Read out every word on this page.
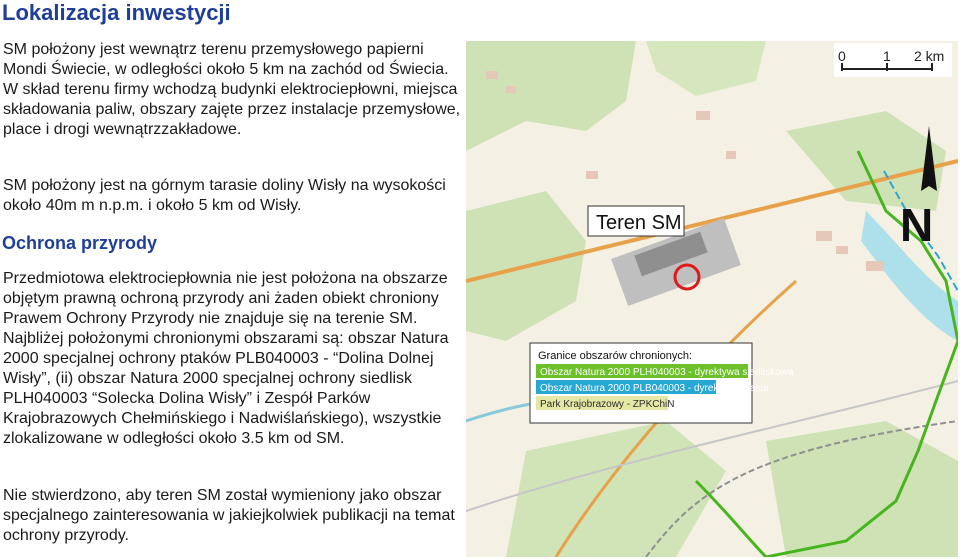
Lokalizacja inwestycji

SM położony jest wewnątrz terenu przemysłowego papierni Mondi Świecie, w odległości około 5 km na zachód od Świecia. W skład terenu firmy wchodzą budynki elektrociepłowni, miejsca składowania paliw, obszary zajęte przez instalacje przemysłowe, place i drogi wewnątrzzakładowe.

SM położony jest na górnym tarasie doliny Wisły na wysokości około 40m m n.p.m. i około 5 km od Wisły.

Ochrona przyrody

Przedmiotowa elektrociepłownia nie jest położona na obszarze objętym prawną ochroną przyrody ani żaden obiekt chroniony Prawem Ochrony Przyrody nie znajduje się na terenie SM. Najbliżej położonymi chronionymi obszarami są: obszar Natura 2000 specjalnej ochrony ptaków PLB040003 - “Dolina Dolnej Wisły”, (ii) obszar Natura 2000 specjalnej ochrony siedlisk PLH040003 “Solecka Dolina Wisły” i Zespół Parków Krajobrazowych Chełmińskiego i Nadwiślańskiego), wszystkie zlokalizowane w odległości około 3.5 km od SM.

Nie stwierdzono, aby teren SM został wymieniony jako obszar specjalnego zainteresowania w jakiejkolwiek publikacji na temat ochrony przyrody.

0	1 2 km
Teren SM	N
Granice obszarów chronionych:
Obszar Natura 2000 PLH040003 - dyrektywa siedliskowa
Obszar Natura 2000 PLB040003 - dyrektywa ptasia
Park Krajobrazowy - ZPKChiN
